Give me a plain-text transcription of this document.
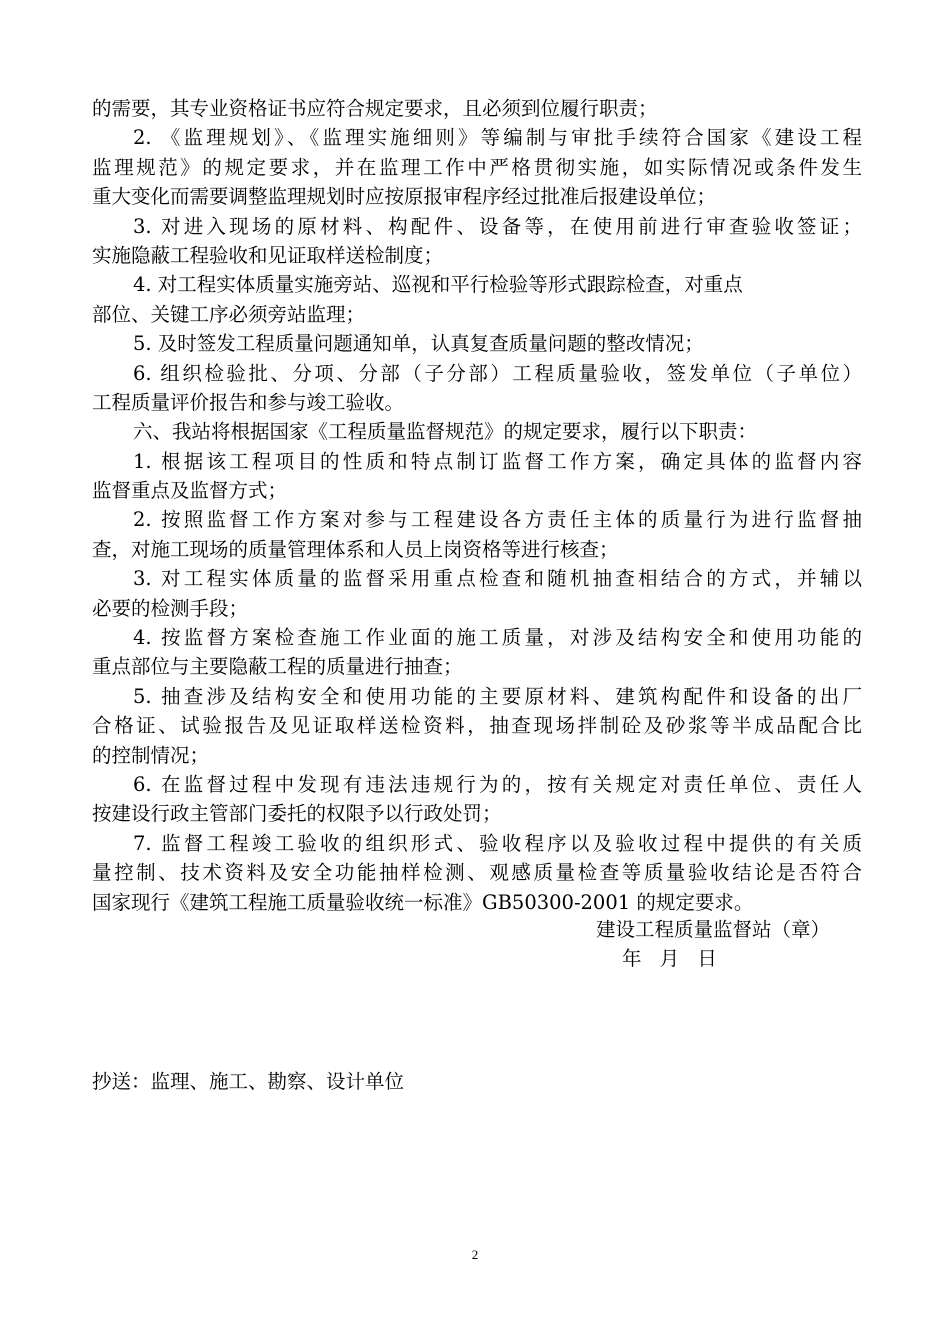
的需要，其专业资格证书应符合规定要求，且必须到位履行职责；
2. 《监理规划》、《监理实施细则》等编制与审批手续符合国家《建设工程
监理规范》的规定要求，并在监理工作中严格贯彻实施，如实际情况或条件发生
重大变化而需要调整监理规划时应按原报审程序经过批准后报建设单位；
3. 对进入现场的原材料、构配件、设备等，在使用前进行审查验收签证；
实施隐蔽工程验收和见证取样送检制度；
4. 对工程实体质量实施旁站、巡视和平行检验等形式跟踪检查，对重点
部位、关键工序必须旁站监理；
5. 及时签发工程质量问题通知单，认真复查质量问题的整改情况；
6. 组织检验批、分项、分部（子分部）工程质量验收，签发单位（子单位）
工程质量评价报告和参与竣工验收。
六、我站将根据国家《工程质量监督规范》的规定要求，履行以下职责：
1. 根据该工程项目的性质和特点制订监督工作方案，确定具体的监督内容
监督重点及监督方式；
2. 按照监督工作方案对参与工程建设各方责任主体的质量行为进行监督抽
查，对施工现场的质量管理体系和人员上岗资格等进行核查；
3. 对工程实体质量的监督采用重点检查和随机抽查相结合的方式，并辅以
必要的检测手段；
4. 按监督方案检查施工作业面的施工质量，对涉及结构安全和使用功能的
重点部位与主要隐蔽工程的质量进行抽查；
5. 抽查涉及结构安全和使用功能的主要原材料、建筑构配件和设备的出厂
合格证、试验报告及见证取样送检资料，抽查现场拌制砼及砂浆等半成品配合比
的控制情况；
6. 在监督过程中发现有违法违规行为的，按有关规定对责任单位、责任人
按建设行政主管部门委托的权限予以行政处罚；
7. 监督工程竣工验收的组织形式、验收程序以及验收过程中提供的有关质
量控制、技术资料及安全功能抽样检测、观感质量检查等质量验收结论是否符合
国家现行《建筑工程施工质量验收统一标准》GB50300-2001 的规定要求。
建设工程质量监督站（章）
年 月 日
抄送：监理、施工、勘察、设计单位
2
